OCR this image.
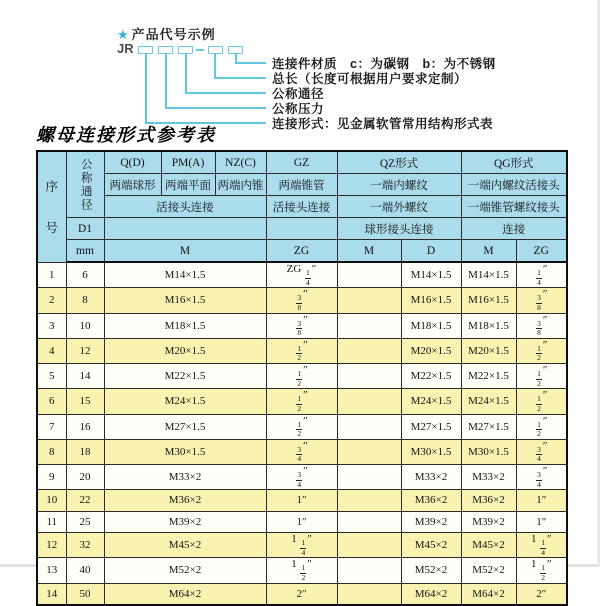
★ 产品代号示例
JR
连接件材质　c：为碳钢　b：为不锈钢
总长（长度可根据用户要求定制）
公称通径
公称压力
连接形式：见金属软管常用结构形式表
螺母连接形式参考表
序
号	公称通径	Q(D)	PM(A)	NZ(C)	GZ	QZ形式		QG形式	
		两端球形	两端平面	两端内锥	两端锥管	一端内螺纹		一端内螺纹活接头	
		活接头连接			活接头连接	一端外螺纹		一端锥管螺纹接头	
	D1					球形接头连接		连接	
	mm	M			ZG	M	D	M	ZG
1	6	M14×1.5			ZG $\frac{1}{4}$ ″		M14×1.5	M14×1.5	$\frac{1}{4}$ ″
2	8	M16×1.5			$\frac{3}{8}$ ″		M16×1.5	M16×1.5	$\frac{3}{8}$ ″
3	10	M18×1.5			$\frac{3}{8}$ ″		M18×1.5	M18×1.5	$\frac{3}{8}$ ″
4	12	M20×1.5			$\frac{1}{2}$ ″		M20×1.5	M20×1.5	$\frac{1}{2}$ ″
5	14	M22×1.5			$\frac{1}{2}$ ″		M22×1.5	M22×1.5	$\frac{1}{2}$ ″
6	15	M24×1.5			$\frac{1}{2}$ ″		M24×1.5	M24×1.5	$\frac{1}{2}$ ″
7	16	M27×1.5			$\frac{1}{2}$ ″		M27×1.5	M27×1.5	$\frac{1}{2}$ ″
8	18	M30×1.5			$\frac{3}{4}$ ″		M30×1.5	M30×1.5	$\frac{3}{4}$ ″
9	20	M33×2			$\frac{3}{4}$ ″		M33×2	M33×2	$\frac{3}{4}$ ″
10	22	M36×2			1″		M36×2	M36×2	1″
11	25	M39×2			1″		M39×2	M39×2	1″
12	32	M45×2			$1 \frac{1}{4}$ ″		M45×2	M45×2	$1 \frac{1}{4}$ ″
13	40	M52×2			$1 \frac{1}{2}$ ″		M52×2	M52×2	$1 \frac{1}{2}$ ″
14	50	M64×2			2″		M64×2	M64×2	2″
